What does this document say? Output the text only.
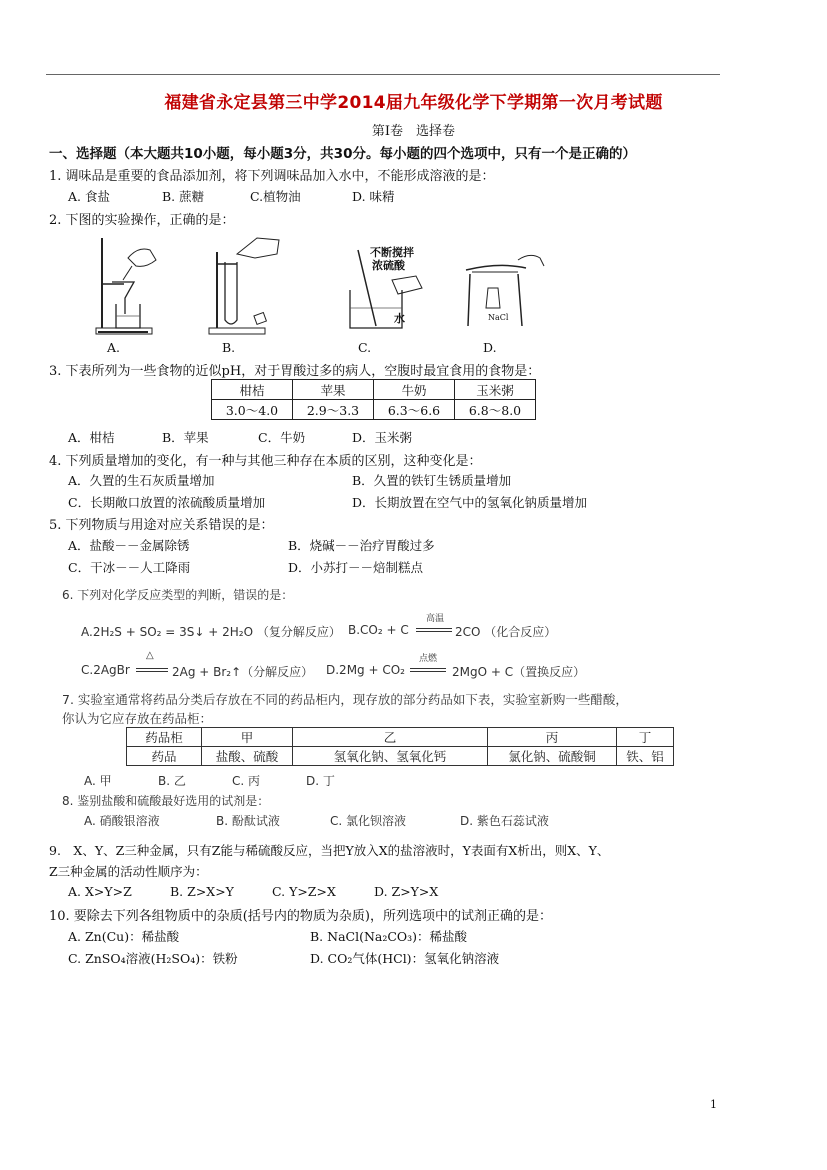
福建省永定县第三中学2014届九年级化学下学期第一次月考试题
第Ⅰ卷　选择卷
一、选择题（本大题共10小题，每小题3分，共30分。每小题的四个选项中，只有一个是正确的）
1. 调味品是重要的食品添加剂，将下列调味品加入水中，不能形成溶液的是：
A. 食盐	B. 蔗糖	C.植物油	D. 味精
2. 下图的实验操作，正确的是：
A.	B.
不断搅拌
浓硫酸
水
C.
NaCl
D.
3. 下表所列为一些食物的近似pH，对于胃酸过多的病人，空腹时最宜食用的食物是：
柑桔	苹果	牛奶	玉米粥
3.0～4.0	2.9～3.3	6.3～6.6	6.8～8.0
A．柑桔	B．苹果	C．牛奶	D．玉米粥
4. 下列质量增加的变化，有一种与其他三种存在本质的区别，这种变化是：
A．久置的生石灰质量增加	B．久置的铁钉生锈质量增加
C．长期敞口放置的浓硫酸质量增加	D．长期放置在空气中的氢氧化钠质量增加
5. 下列物质与用途对应关系错误的是：
A．盐酸－－金属除锈	B．烧碱－－治疗胃酸过多
C．干冰－－人工降雨	D．小苏打－－焙制糕点
6. 下列对化学反应类型的判断，错误的是：
A.2H₂S + SO₂ = 3S↓ + 2H₂O （复分解反应） B.CO₂ + C
高温
2CO （化合反应）
C.2AgBr
△
2Ag + Br₂↑（分解反应） D.2Mg + CO₂
点燃
2MgO + C（置换反应）
7. 实验室通常将药品分类后存放在不同的药品柜内，现存放的部分药品如下表，实验室新购一些醋酸，
你认为它应存放在药品柜：
药品柜	甲	乙	丙	丁
药品	盐酸、硫酸	氢氧化钠、氢氧化钙	氯化钠、硫酸铜	铁、铝
A. 甲	B. 乙	C. 丙	D. 丁
8. 鉴别盐酸和硫酸最好选用的试剂是：
A. 硝酸银溶液	B. 酚酞试液	C. 氯化钡溶液	D. 紫色石蕊试液
9.　X、Y、Z三种金属，只有Z能与稀硫酸反应，当把Y放入X的盐溶液时，Y表面有X析出，则X、Y、
Z三种金属的活动性顺序为：
A. X>Y>Z	B. Z>X>Y	C. Y>Z>X	D. Z>Y>X
10. 要除去下列各组物质中的杂质(括号内的物质为杂质)，所列选项中的试剂正确的是：
A. Zn(Cu)：稀盐酸	B. NaCl(Na₂CO₃)：稀盐酸
C. ZnSO₄溶液(H₂SO₄)：铁粉	D. CO₂气体(HCl)：氢氧化钠溶液
1
